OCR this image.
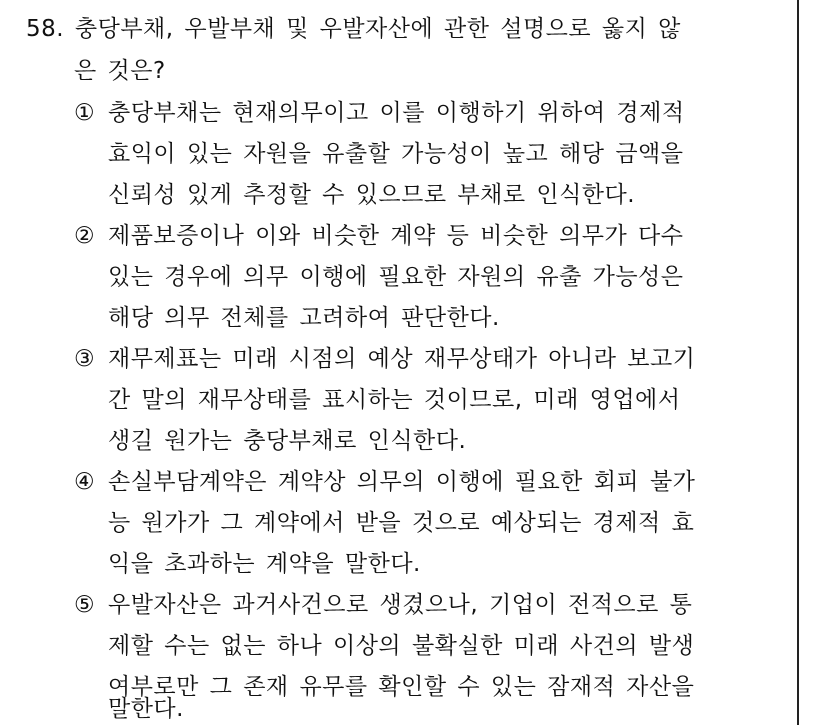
58. 충당부채, 우발부채 및 우발자산에 관한 설명으로 옳지 않
은 것은?
① 충당부채는 현재의무이고 이를 이행하기 위하여 경제적
효익이 있는 자원을 유출할 가능성이 높고 해당 금액을
신뢰성 있게 추정할 수 있으므로 부채로 인식한다.
② 제품보증이나 이와 비슷한 계약 등 비슷한 의무가 다수
있는 경우에 의무 이행에 필요한 자원의 유출 가능성은
해당 의무 전체를 고려하여 판단한다.
③ 재무제표는 미래 시점의 예상 재무상태가 아니라 보고기
간 말의 재무상태를 표시하는 것이므로, 미래 영업에서
생길 원가는 충당부채로 인식한다.
④ 손실부담계약은 계약상 의무의 이행에 필요한 회피 불가
능 원가가 그 계약에서 받을 것으로 예상되는 경제적 효
익을 초과하는 계약을 말한다.
⑤ 우발자산은 과거사건으로 생겼으나, 기업이 전적으로 통
제할 수는 없는 하나 이상의 불확실한 미래 사건의 발생
여부로만 그 존재 유무를 확인할 수 있는 잠재적 자산을
말한다.
